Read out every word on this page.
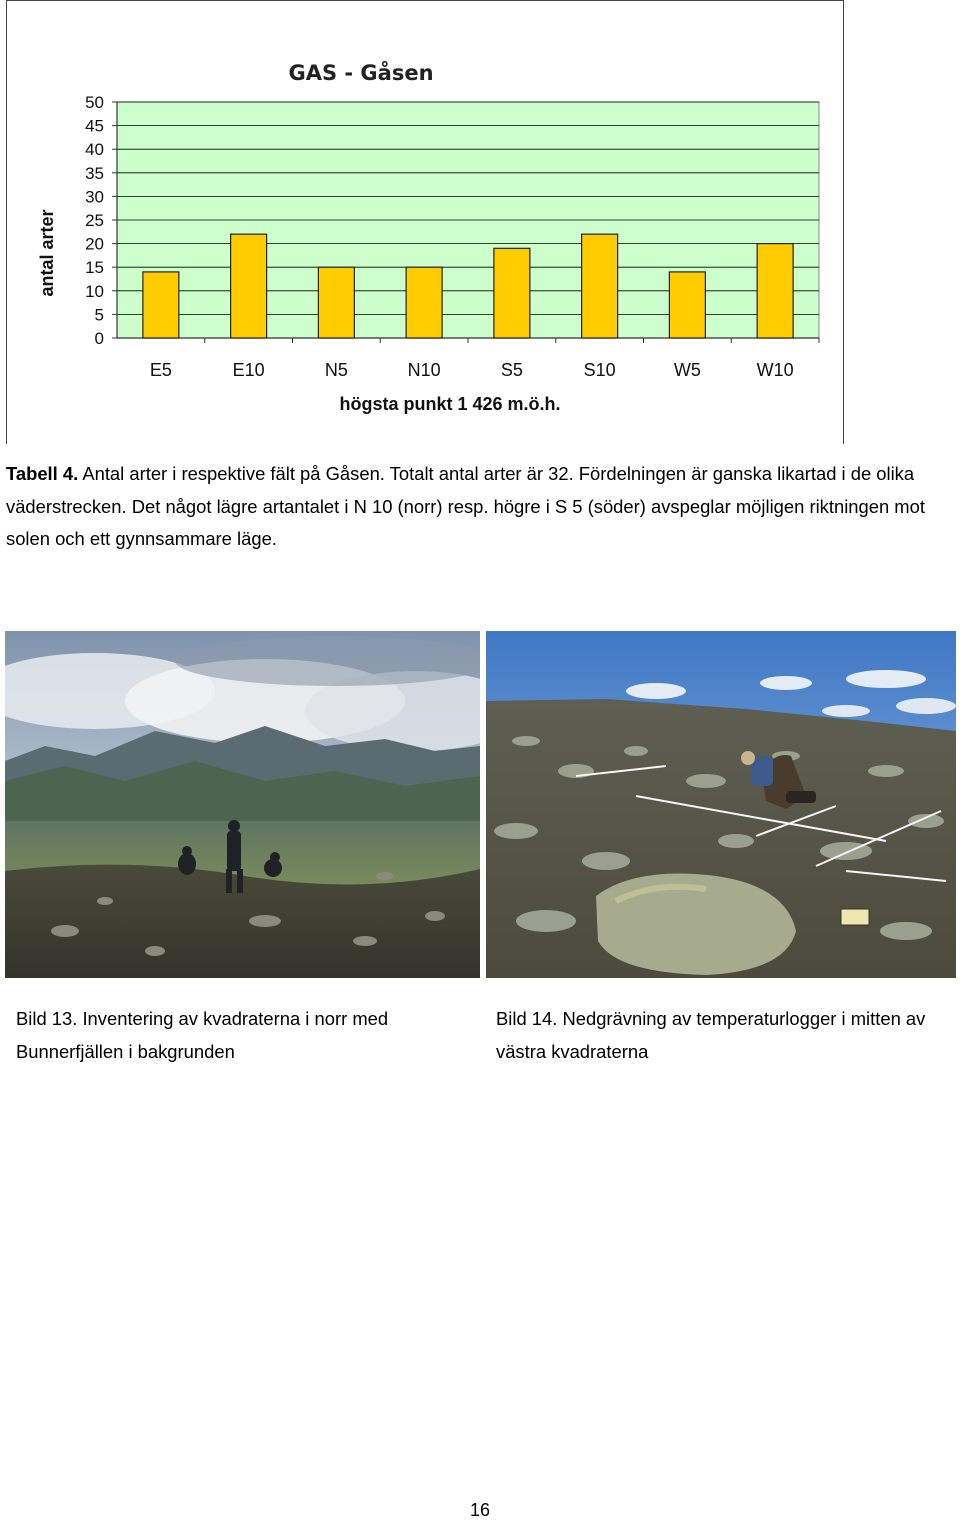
GAS - Gåsen
0
5
10
15
20
25
30
35
40
45
50
E5	E10	N5	N10	S5	S10	W5	W10
högsta punkt 1 426 m.ö.h.
antal arter
Tabell 4. Antal arter i respektive fält på Gåsen. Totalt antal arter är 32. Fördelningen är ganska likartad i de olika väderstrecken. Det något lägre artantalet i N 10 (norr) resp. högre i S 5 (söder) avspeglar möjligen riktningen mot solen och ett gynnsammare läge.
Bild 13. Inventering av kvadraterna i norr med Bunnerfjällen i bakgrunden
Bild 14. Nedgrävning av temperaturlogger i mitten av västra kvadraterna
16
